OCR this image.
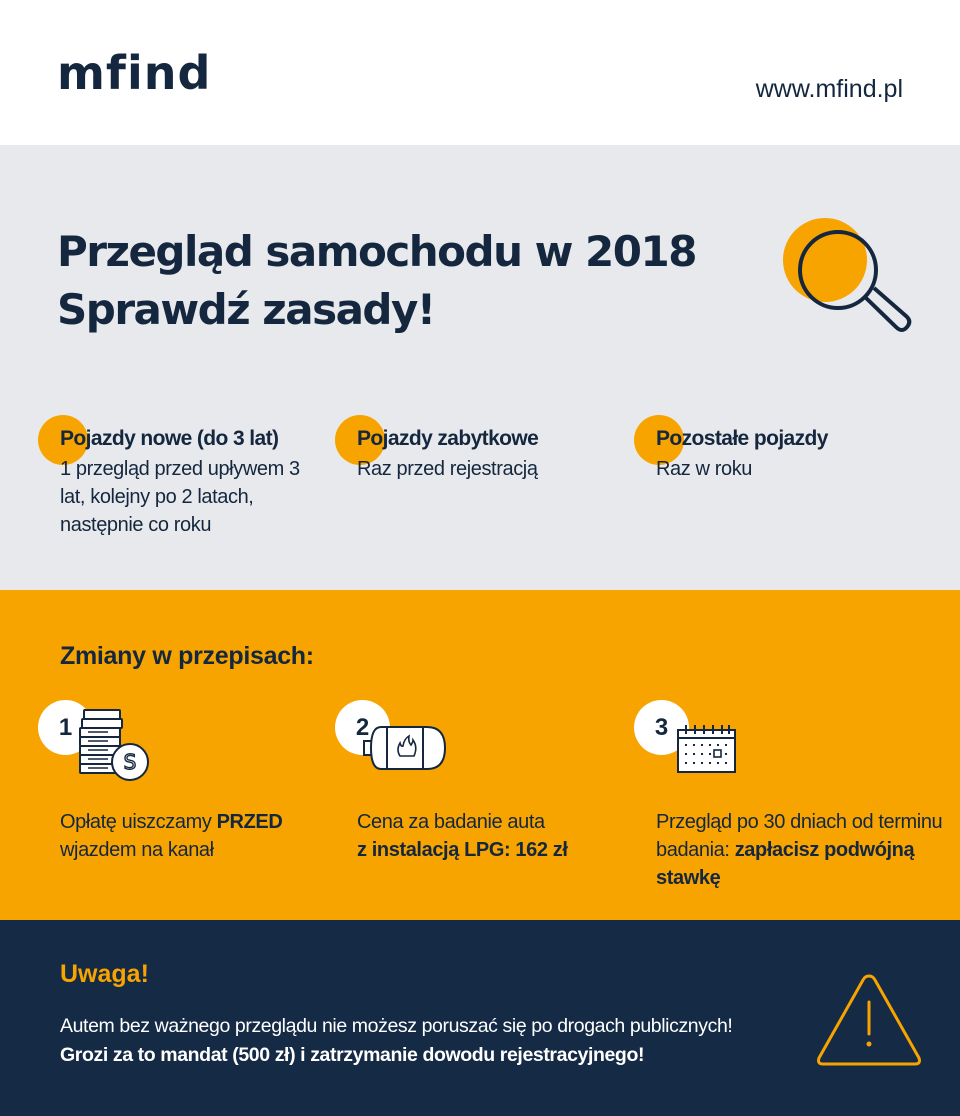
mfind	www.mfind.pl
Przegląd samochodu w 2018
Sprawdź zasady!
Pojazdy nowe (do 3 lat)
1 przegląd przed upływem 3 lat, kolejny po 2 latach, następnie co roku
Pojazdy zabytkowe
Raz przed rejestracją
Pozostałe pojazdy
Raz w roku
Zmiany w przepisach:
1
S
Opłatę uiszczamy PRZED wjazdem na kanał
2
Cena za badanie auta
z instalacją LPG: 162 zł
3
Przegląd po 30 dniach od terminu badania: zapłacisz podwójną stawkę
Uwaga!
Autem bez ważnego przeglądu nie możesz poruszać się po drogach publicznych!
Grozi za to mandat (500 zł) i zatrzymanie dowodu rejestracyjnego!
